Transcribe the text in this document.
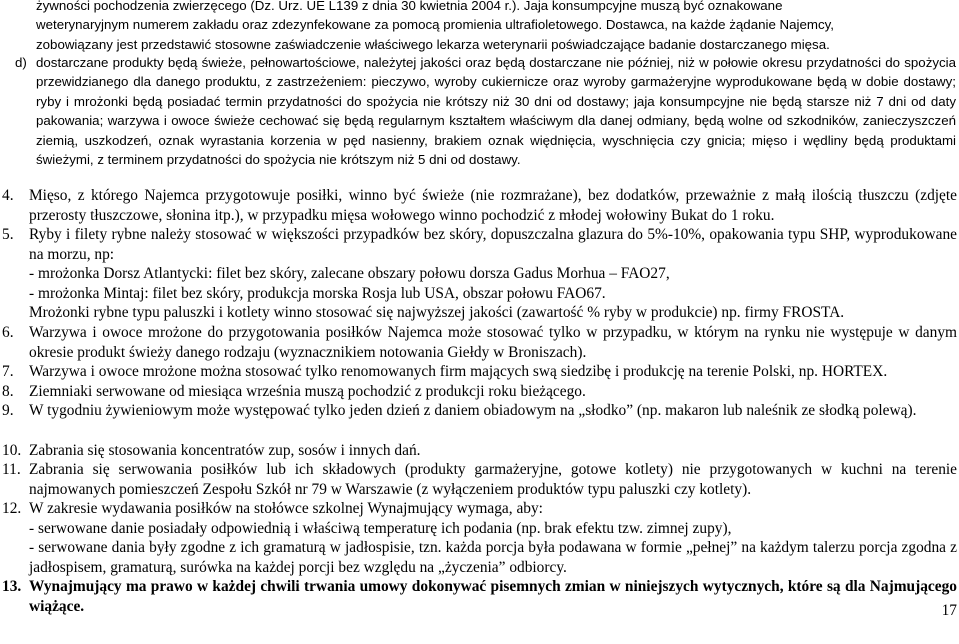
żywności pochodzenia zwierzęcego (Dz. Urz. UE L139 z dnia 30 kwietnia 2004 r.). Jaja konsumpcyjne muszą być oznakowane
weterynaryjnym numerem zakładu oraz zdezynfekowane za pomocą promienia ultrafioletowego. Dostawca, na każde żądanie Najemcy,
zobowiązany jest przedstawić stosowne zaświadczenie właściwego lekarza weterynarii poświadczające badanie dostarczanego mięsa.
d) dostarczane produkty będą świeże, pełnowartościowe, należytej jakości oraz będą dostarczane nie później, niż w połowie okresu przydatności do spożycia przewidzianego dla danego produktu, z zastrzeżeniem: pieczywo, wyroby cukiernicze oraz wyroby garmażeryjne wyprodukowane będą w dobie dostawy; ryby i mrożonki będą posiadać termin przydatności do spożycia nie krótszy niż 30 dni od dostawy; jaja konsumpcyjne nie będą starsze niż 7 dni od daty pakowania; warzywa i owoce świeże cechować się będą regularnym kształtem właściwym dla danej odmiany, będą wolne od szkodników, zanieczyszczeń ziemią, uszkodzeń, oznak wyrastania korzenia w pęd nasienny, brakiem oznak więdnięcia, wyschnięcia czy gnicia; mięso i wędliny będą produktami świeżymi, z terminem przydatności do spożycia nie krótszym niż 5 dni od dostawy.
4. Mięso, z którego Najemca przygotowuje posiłki, winno być świeże (nie rozmrażane), bez dodatków, przeważnie z małą ilością tłuszczu (zdjęte przerosty tłuszczowe, słonina itp.), w przypadku mięsa wołowego winno pochodzić z młodej wołowiny Bukat do 1 roku.
5. Ryby i filety rybne należy stosować w większości przypadków bez skóry, dopuszczalna glazura do 5%-10%, opakowania typu SHP, wyprodukowane na morzu, np:
- mrożonka Dorsz Atlantycki: filet bez skóry, zalecane obszary połowu dorsza Gadus Morhua – FAO27,
- mrożonka Mintaj: filet bez skóry, produkcja morska Rosja lub USA, obszar połowu FAO67.
Mrożonki rybne typu paluszki i kotlety winno stosować się najwyższej jakości (zawartość % ryby w produkcie) np. firmy FROSTA.
6. Warzywa i owoce mrożone do przygotowania posiłków Najemca może stosować tylko w przypadku, w którym na rynku nie występuje w danym okresie produkt świeży danego rodzaju (wyznacznikiem notowania Giełdy w Broniszach).
7. Warzywa i owoce mrożone można stosować tylko renomowanych firm mających swą siedzibę i produkcję na terenie Polski, np. HORTEX.
8. Ziemniaki serwowane od miesiąca września muszą pochodzić z produkcji roku bieżącego.
9. W tygodniu żywieniowym może występować tylko jeden dzień z daniem obiadowym na „słodko” (np. makaron lub naleśnik ze słodką polewą).
10. Zabrania się stosowania koncentratów zup, sosów i innych dań.
11. Zabrania się serwowania posiłków lub ich składowych (produkty garmażeryjne, gotowe kotlety) nie przygotowanych w kuchni na terenie najmowanych pomieszczeń Zespołu Szkół nr 79 w Warszawie (z wyłączeniem produktów typu paluszki czy kotlety).
12. W zakresie wydawania posiłków na stołówce szkolnej Wynajmujący wymaga, aby:
- serwowane danie posiadały odpowiednią i właściwą temperaturę ich podania (np. brak efektu tzw. zimnej zupy),
- serwowane dania były zgodne z ich gramaturą w jadłospisie, tzn. każda porcja była podawana w formie „pełnej” na każdym talerzu porcja zgodna z jadłospisem, gramaturą, surówka na każdej porcji bez względu na „życzenia” odbiorcy.
13. Wynajmujący ma prawo w każdej chwili trwania umowy dokonywać pisemnych zmian w niniejszych wytycznych, które są dla Najmującego wiążące.	17
